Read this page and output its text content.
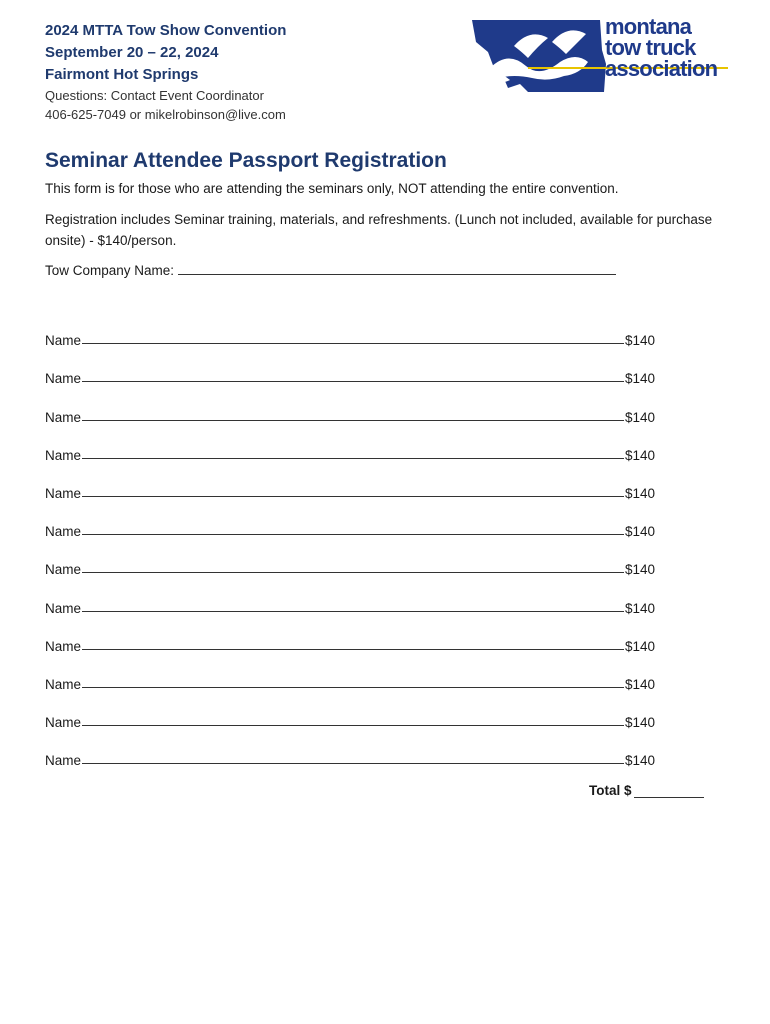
2024 MTTA Tow Show Convention
September 20 – 22, 2024
Fairmont Hot Springs
Questions: Contact Event Coordinator
406-625-7049 or mikelrobinson@live.com
montana
tow truck
association
Seminar Attendee Passport Registration

This form is for those who are attending the seminars only, NOT attending the entire convention.

Registration includes Seminar training, materials, and refreshments. (Lunch not included, available for purchase onsite) - $140/person.

Tow Company Name:

Name	$140
Name	$140
Name	$140
Name	$140
Name	$140
Name	$140
Name	$140
Name	$140
Name	$140
Name	$140
Name	$140
Name	$140
Total $
